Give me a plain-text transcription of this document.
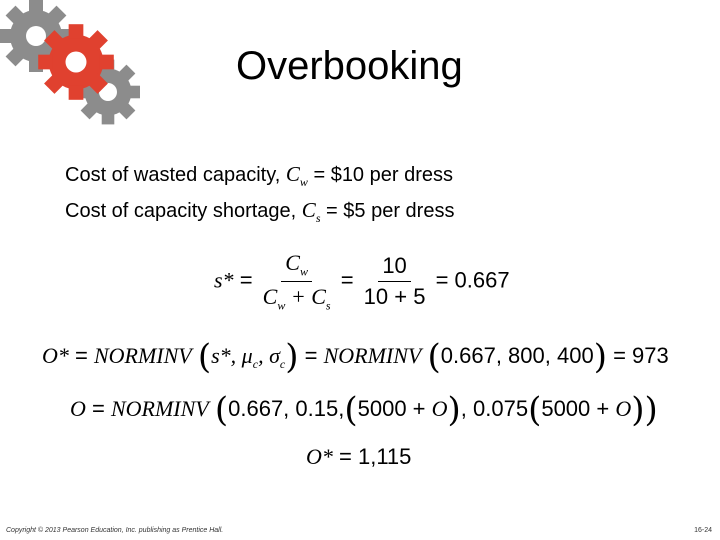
Overbooking
Cost of wasted capacity, $C_w$ = $10 per dress
Cost of capacity shortage, $C_s$ = $5 per dress
$s* = \frac{C_w}{C_w + C_s} = \frac{10}{10 + 5} = 0.667$
O* = NORMINV (s*, $\mu_c$, $\sigma_c$) = NORMINV (0.667, 800, 400) = 973
O = NORMINV (0.667, 0.15,(5000 + O), 0.075(5000 + O))
O* = 1,115
Copyright © 2013 Pearson Education, Inc. publishing as Prentice Hall.	16-24
